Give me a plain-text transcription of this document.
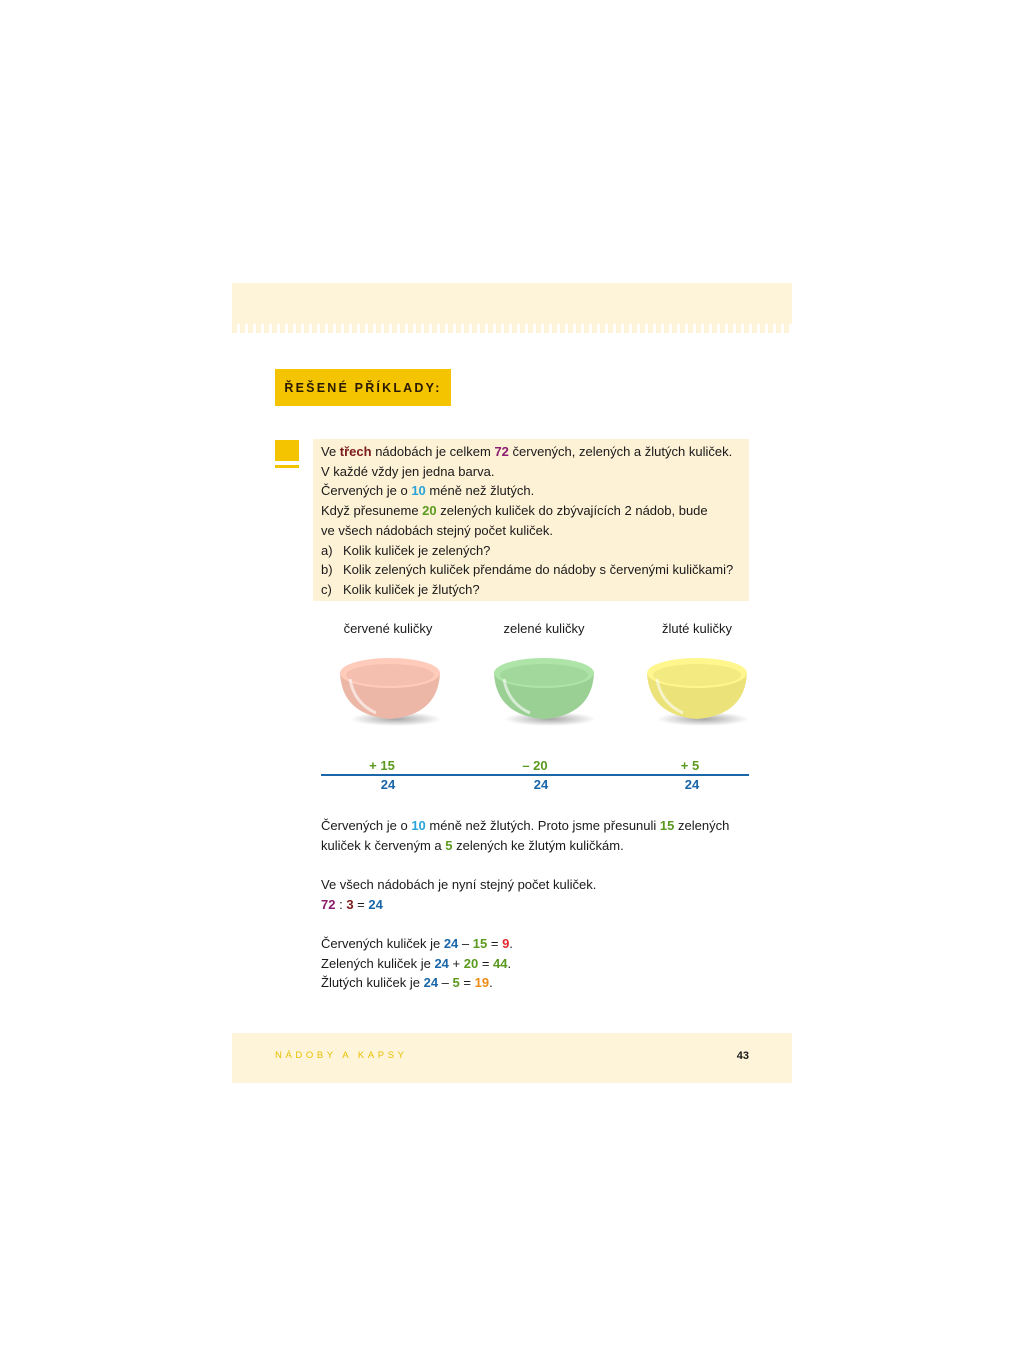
ŘEŠENÉ PŘÍKLADY:

Ve třech nádobách je celkem 72 červených, zelených a žlutých kuliček.

V každé vždy jen jedna barva.

Červených je o 10 méně než žlutých.

Když přesuneme 20 zelených kuliček do zbývajících 2 nádob, bude

ve všech nádobách stejný počet kuliček.

a) Kolik kuliček je zelených?

b) Kolik zelených kuliček přendáme do nádoby s červenými kuličkami?

c) Kolik kuliček je žlutých?

červené kuličky	zelené kuličky	žluté kuličky
+ 15	– 20	+ 5
24	24	24

Červených je o 10 méně než žlutých. Proto jsme přesunuli 15 zelených

kuliček k červeným a 5 zelených ke žlutým kuličkám.

Ve všech nádobách je nyní stejný počet kuliček.

72 : 3 = 24

Červených kuliček je 24 – 15 = 9.

Zelených kuliček je 24 + 20 = 44.

Žlutých kuliček je 24 – 5 = 19.

NÁDOBY A KAPSY	43
